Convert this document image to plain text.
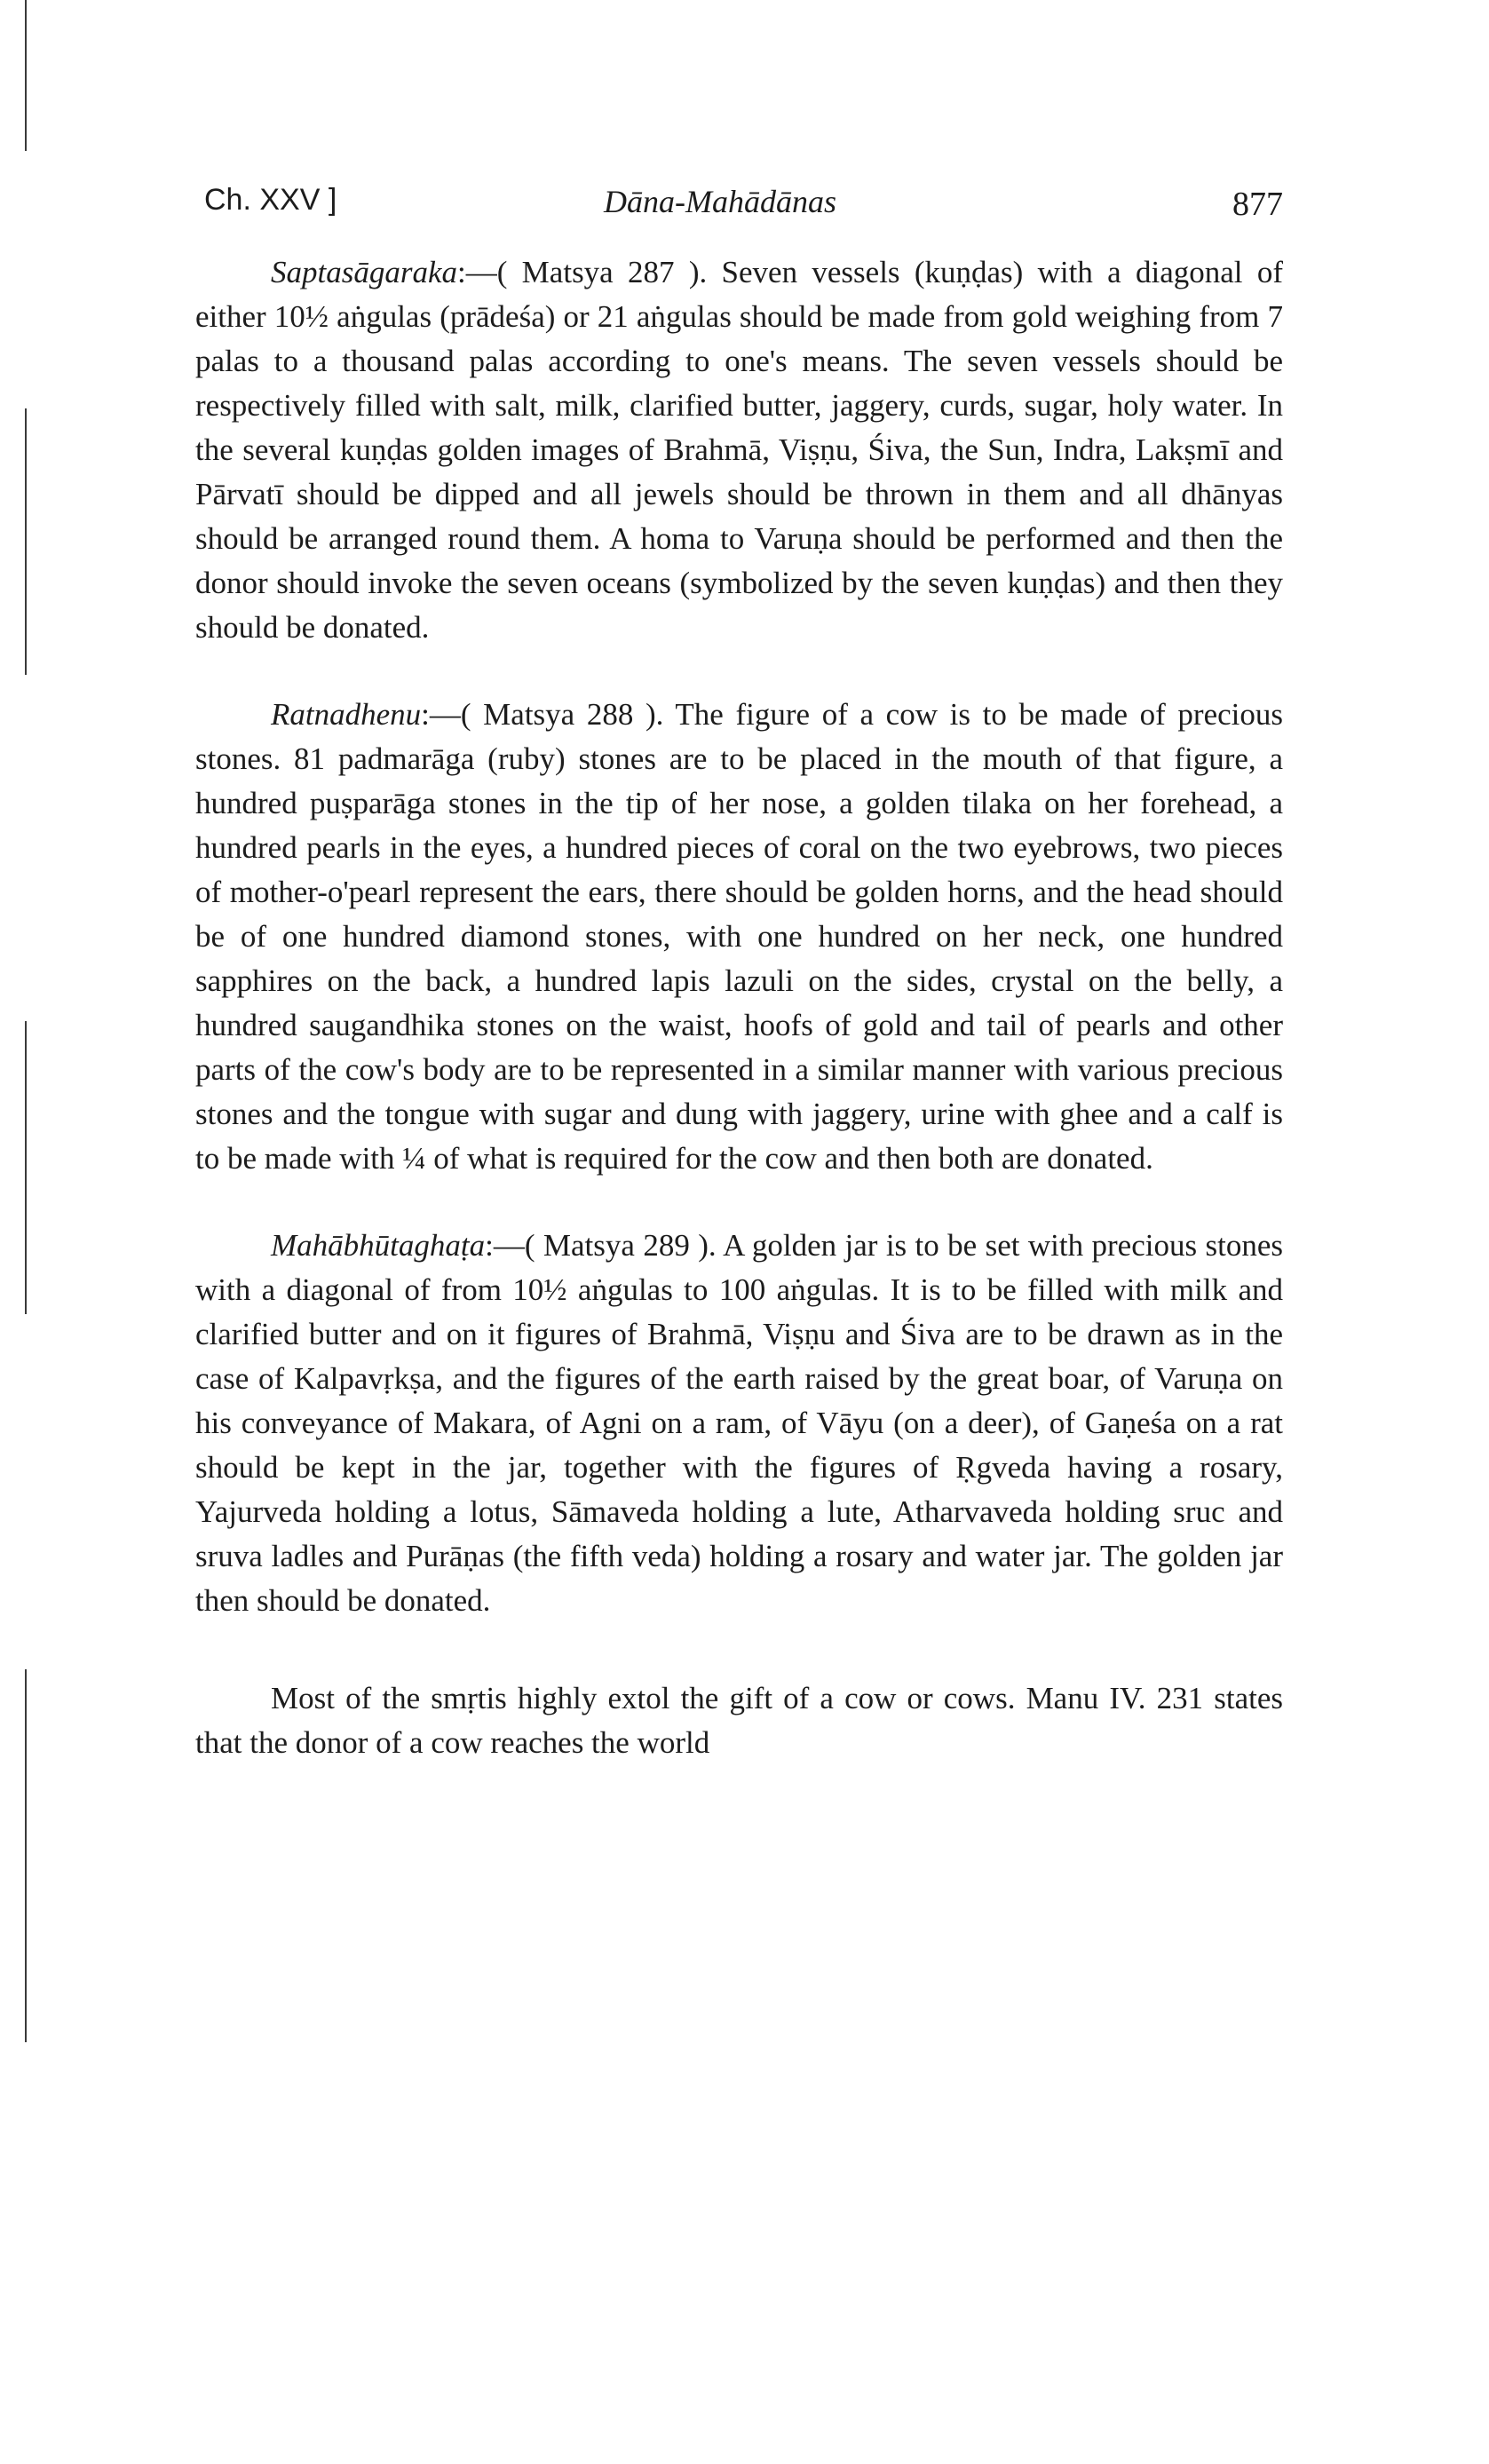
Ch. XXV ]	Dāna-Mahādānas	877

Saptasāgaraka:—( Matsya 287 ). Seven vessels (kuṇḍas) with a diagonal of either 10½ aṅgulas (prādeśa) or 21 aṅgulas should be made from gold weighing from 7 palas to a thousand palas according to one's means. The seven vessels should be respectively filled with salt, milk, clarified butter, jaggery, curds, sugar, holy water. In the several kuṇḍas golden images of Brahmā, Viṣṇu, Śiva, the Sun, Indra, Lakṣmī and Pārvatī should be dipped and all jewels should be thrown in them and all dhānyas should be arranged round them. A homa to Varuṇa should be performed and then the donor should invoke the seven oceans (symbolized by the seven kuṇḍas) and then they should be donated.

Ratnadhenu:—( Matsya 288 ). The figure of a cow is to be made of precious stones. 81 padmarāga (ruby) stones are to be placed in the mouth of that figure, a hundred puṣparāga stones in the tip of her nose, a golden tilaka on her forehead, a hundred pearls in the eyes, a hundred pieces of coral on the two eyebrows, two pieces of mother-o'pearl represent the ears, there should be golden horns, and the head should be of one hundred diamond stones, with one hundred on her neck, one hundred sapphires on the back, a hundred lapis lazuli on the sides, crystal on the belly, a hundred saugandhika stones on the waist, hoofs of gold and tail of pearls and other parts of the cow's body are to be represented in a similar manner with various precious stones and the tongue with sugar and dung with jaggery, urine with ghee and a calf is to be made with ¼ of what is required for the cow and then both are donated.

Mahābhūtaghaṭa:—( Matsya 289 ). A golden jar is to be set with precious stones with a diagonal of from 10½ aṅgulas to 100 aṅgulas. It is to be filled with milk and clarified butter and on it figures of Brahmā, Viṣṇu and Śiva are to be drawn as in the case of Kalpavṛkṣa, and the figures of the earth raised by the great boar, of Varuṇa on his conveyance of Makara, of Agni on a ram, of Vāyu (on a deer), of Gaṇeśa on a rat should be kept in the jar, together with the figures of Ṛgveda having a rosary, Yajurveda holding a lotus, Sāmaveda holding a lute, Atharvaveda holding sruc and sruva ladles and Purāṇas (the fifth veda) holding a rosary and water jar. The golden jar then should be donated.

Most of the smṛtis highly extol the gift of a cow or cows. Manu IV. 231 states that the donor of a cow reaches the world
